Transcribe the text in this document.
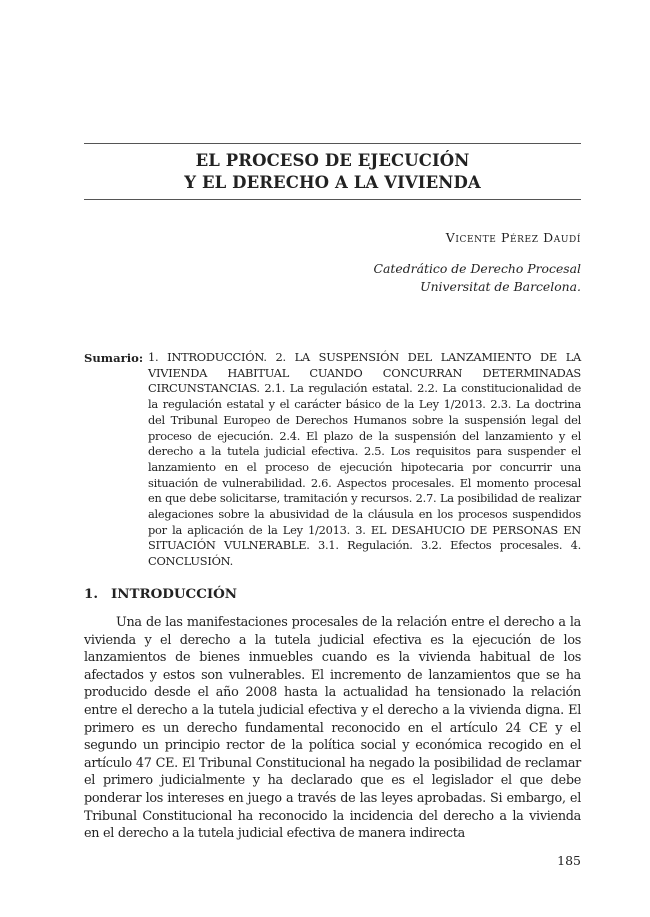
EL PROCESO DE EJECUCIÓN
Y EL DERECHO A LA VIVIENDA
Vicente Pérez Daudí
Catedrático de Derecho Procesal
Universitat de Barcelona.
Sumario: 1. INTRODUCCIÓN. 2. LA SUSPENSIÓN DEL LANZAMIENTO DE LA VIVIENDA HABITUAL CUANDO CONCURRAN DETERMINADAS CIRCUNSTANCIAS. 2.1. La regulación estatal. 2.2. La constitucionalidad de la regulación estatal y el carácter básico de la Ley 1/2013. 2.3. La doctrina del Tribunal Europeo de Derechos Humanos sobre la suspensión legal del proceso de ejecución. 2.4. El plazo de la suspensión del lanzamiento y el derecho a la tutela judicial efectiva. 2.5. Los requisitos para suspender el lanzamiento en el proceso de ejecución hipotecaria por concurrir una situación de vulnerabilidad. 2.6. Aspectos procesales. El momento procesal en que debe solicitarse, tramitación y recursos. 2.7. La posibilidad de realizar alegaciones sobre la abusividad de la cláusula en los procesos suspendidos por la aplicación de la Ley 1/2013. 3. EL DESAHUCIO DE PERSONAS EN SITUACIÓN VULNERABLE. 3.1. Regulación. 3.2. Efectos procesales. 4. CONCLUSIÓN.
1. INTRODUCCIÓN

Una de las manifestaciones procesales de la relación entre el derecho a la vivienda y el derecho a la tutela judicial efectiva es la ejecución de los lanzamientos de bienes inmuebles cuando es la vivienda habitual de los afectados y estos son vulnerables. El incremento de lanzamientos que se ha producido desde el año 2008 hasta la actualidad ha tensionado la relación entre el derecho a la tutela judicial efectiva y el derecho a la vivienda digna. El primero es un derecho fundamental reconocido en el artículo 24 CE y el segundo un principio rector de la política social y económica recogido en el artículo 47 CE. El Tribunal Constitucional ha negado la posibilidad de reclamar el primero judicialmente y ha declarado que es el legislador el que debe ponderar los intereses en juego a través de las leyes aprobadas. Si embargo, el Tribunal Constitucional ha reconocido la incidencia del derecho a la vivienda en el derecho a la tutela judicial efectiva de manera indirecta

185
